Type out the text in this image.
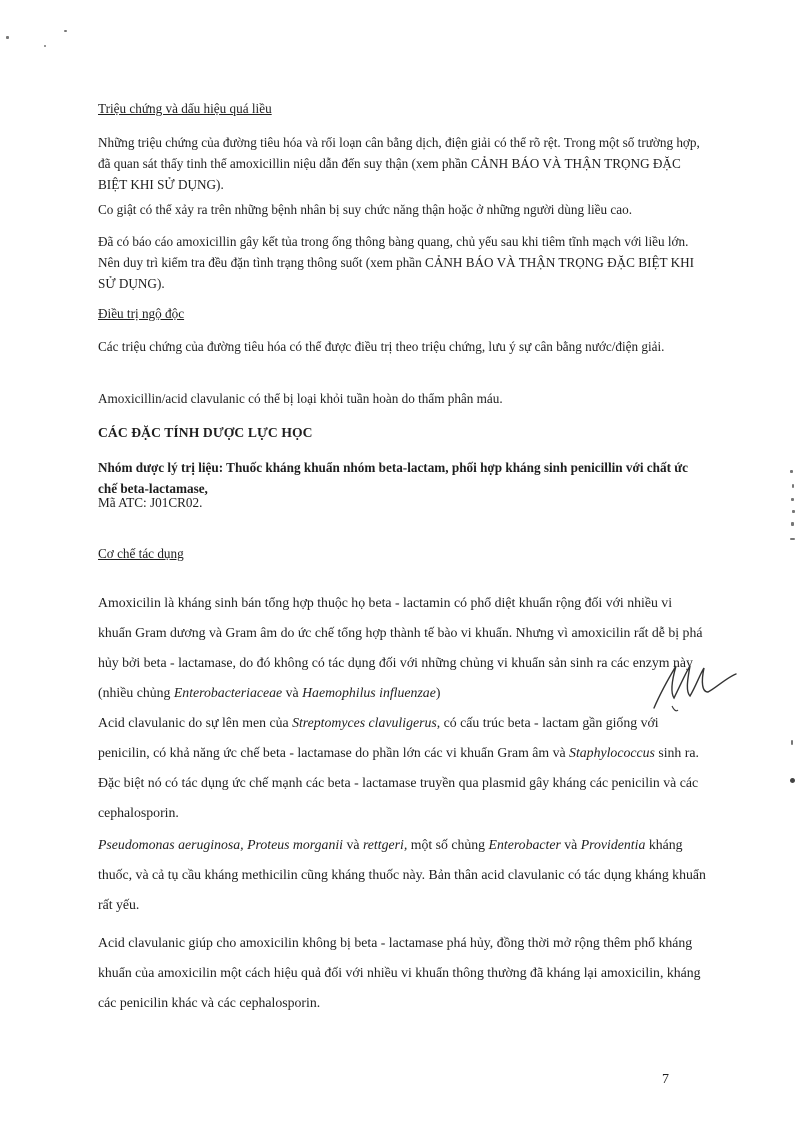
Triệu chứng và dấu hiệu quá liều

Những triệu chứng của đường tiêu hóa và rối loạn cân bằng dịch, điện giải có thể rõ rệt. Trong một số trường hợp, đã quan sát thấy tinh thể amoxicillin niệu dẫn đến suy thận (xem phần CẢNH BÁO VÀ THẬN TRỌNG ĐẶC BIỆT KHI SỬ DỤNG).

Co giật có thể xảy ra trên những bệnh nhân bị suy chức năng thận hoặc ở những người dùng liều cao.

Đã có báo cáo amoxicillin gây kết tủa trong ống thông bàng quang, chủ yếu sau khi tiêm tĩnh mạch với liều lớn. Nên duy trì kiểm tra đều đặn tình trạng thông suốt (xem phần CẢNH BÁO VÀ THẬN TRỌNG ĐẶC BIỆT KHI SỬ DỤNG).

Điều trị ngộ độc

Các triệu chứng của đường tiêu hóa có thể được điều trị theo triệu chứng, lưu ý sự cân bằng nước/điện giải.

Amoxicillin/acid clavulanic có thể bị loại khỏi tuần hoàn do thẩm phân máu.

CÁC ĐẶC TÍNH DƯỢC LỰC HỌC

Nhóm dược lý trị liệu: Thuốc kháng khuẩn nhóm beta-lactam, phối hợp kháng sinh penicillin với chất ức chế beta-lactamase,

Mã ATC: J01CR02.

Cơ chế tác dụng

Amoxicilin là kháng sinh bán tổng hợp thuộc họ beta - lactamin có phổ diệt khuẩn rộng đối với nhiều vi khuẩn Gram dương và Gram âm do ức chế tổng hợp thành tế bào vi khuẩn. Nhưng vì amoxicilin rất dễ bị phá hủy bởi beta - lactamase, do đó không có tác dụng đối với những chủng vi khuẩn sản sinh ra các enzym này (nhiều chủng Enterobacteriaceae và Haemophilus influenzae)

Acid clavulanic do sự lên men của Streptomyces clavuligerus, có cấu trúc beta - lactam gần giống với penicilin, có khả năng ức chế beta - lactamase do phần lớn các vi khuẩn Gram âm và Staphylococcus sinh ra. Đặc biệt nó có tác dụng ức chế mạnh các beta - lactamase truyền qua plasmid gây kháng các penicilin và các cephalosporin.

Pseudomonas aeruginosa, Proteus morganii và rettgeri, một số chủng Enterobacter và Providentia kháng thuốc, và cả tụ cầu kháng methicilin cũng kháng thuốc này. Bản thân acid clavulanic có tác dụng kháng khuẩn rất yếu.

Acid clavulanic giúp cho amoxicilin không bị beta - lactamase phá hủy, đồng thời mở rộng thêm phổ kháng khuẩn của amoxicilin một cách hiệu quả đối với nhiều vi khuẩn thông thường đã kháng lại amoxicilin, kháng các penicilin khác và các cephalosporin.

7
